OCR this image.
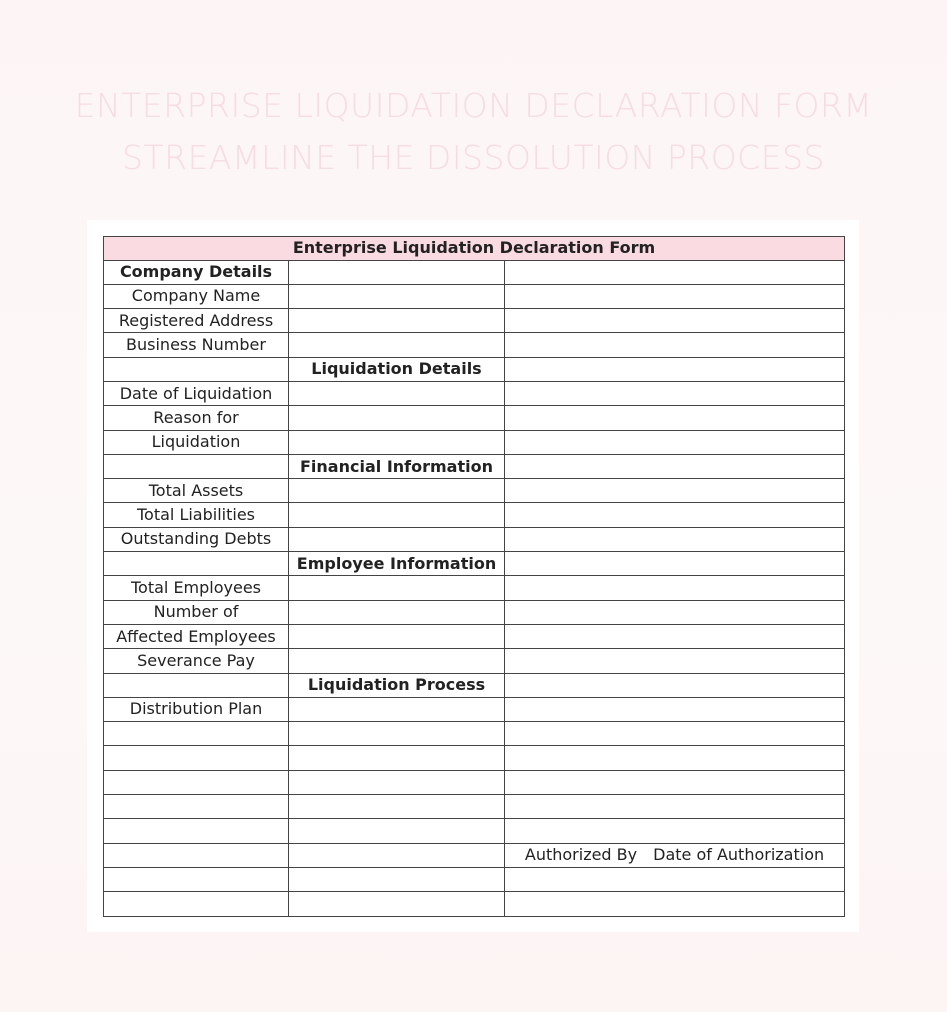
ENTERPRISE LIQUIDATION DECLARATION FORM
STREAMLINE THE DISSOLUTION PROCESS
Enterprise Liquidation Declaration Form		
Company Details		
Company Name		
Registered Address		
Business Number		
	Liquidation Details	
Date of Liquidation		
Reason for		
Liquidation		
	Financial Information	
Total Assets		
Total Liabilities		
Outstanding Debts		
	Employee Information	
Total Employees		
Number of		
Affected Employees		
Severance Pay		
	Liquidation Process	
Distribution Plan		

		Authorized By Date of Authorization
